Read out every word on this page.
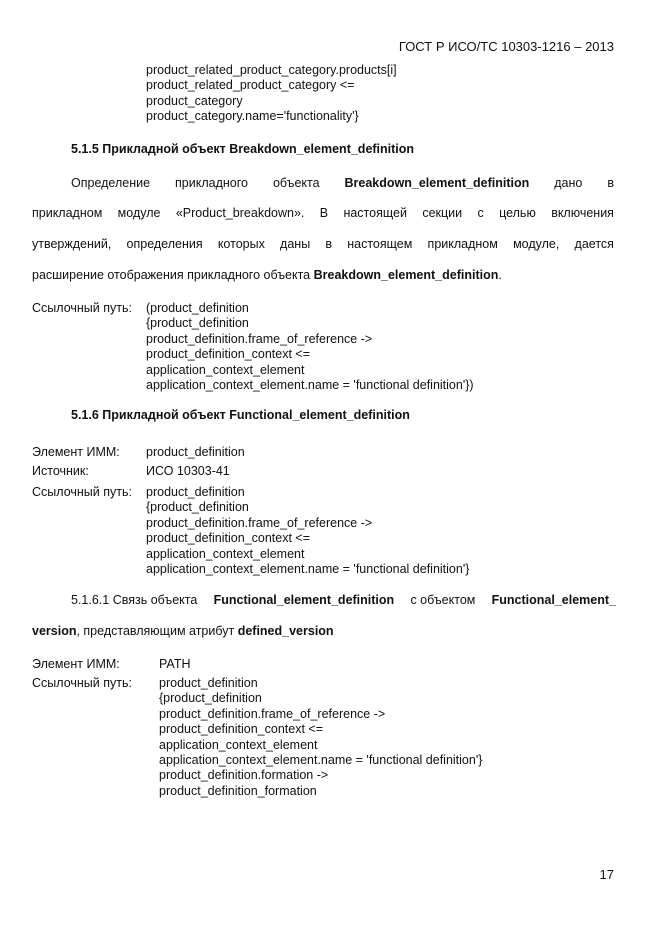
ГОСТ Р ИСО/ТС 10303-1216 – 2013
product_related_product_category.products[i]
product_related_product_category <=
product_category
product_category.name='functionality'}
5.1.5 Прикладной объект Breakdown_element_definition
Определение прикладного объекта Breakdown_element_definition дано в
прикладном модуле «Product_breakdown». В настоящей секции с целью включения
утверждений, определения которых даны в настоящем прикладном модуле, дается
расширение отображения прикладного объекта Breakdown_element_definition.
Ссылочный путь: (product_definition
{product_definition
product_definition.frame_of_reference ->
product_definition_context <=
application_context_element
application_context_element.name = 'functional definition'})
5.1.6 Прикладной объект Functional_element_definition
Элемент ИММ: product_definition
Источник:	ИСО 10303-41
Ссылочный путь: product_definition
{product_definition
product_definition.frame_of_reference ->
product_definition_context <=
application_context_element
application_context_element.name = 'functional definition'}
5.1.6.1 Связь объекта Functional_element_definition с объектом Functional_element_
version, представляющим атрибут defined_version
Элемент ИММ:	PATH
Ссылочный путь: product_definition
{product_definition
product_definition.frame_of_reference ->
product_definition_context <=
application_context_element
application_context_element.name = 'functional definition'}
product_definition.formation ->
product_definition_formation
17
